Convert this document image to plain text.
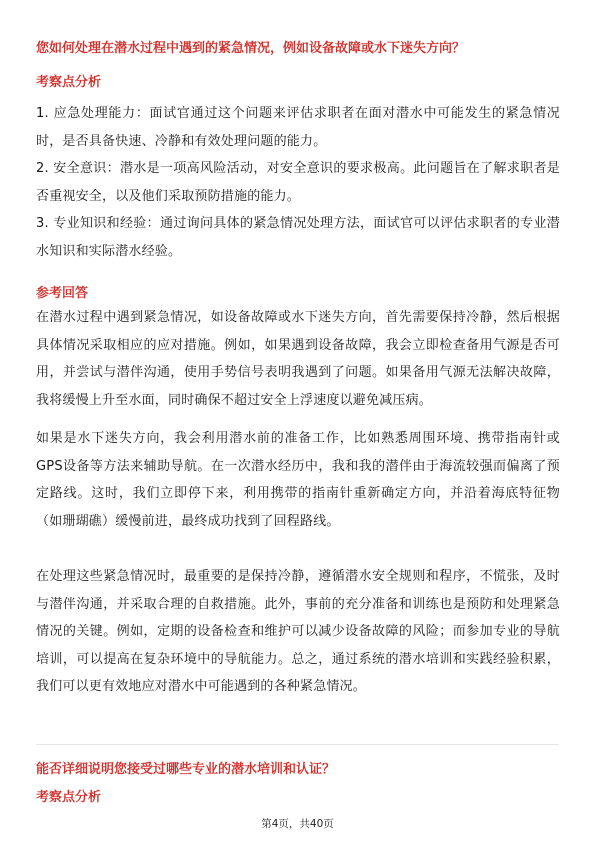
您如何处理在潜水过程中遇到的紧急情况，例如设备故障或水下迷失方向？
考察点分析
1. 应急处理能力：面试官通过这个问题来评估求职者在面对潜水中可能发生的紧急情况时，是否具备快速、冷静和有效处理问题的能力。
2. 安全意识：潜水是一项高风险活动，对安全意识的要求极高。此问题旨在了解求职者是否重视安全，以及他们采取预防措施的能力。
3. 专业知识和经验：通过询问具体的紧急情况处理方法，面试官可以评估求职者的专业潜水知识和实际潜水经验。
参考回答
在潜水过程中遇到紧急情况，如设备故障或水下迷失方向，首先需要保持冷静，然后根据具体情况采取相应的应对措施。例如，如果遇到设备故障，我会立即检查备用气源是否可用，并尝试与潜伴沟通，使用手势信号表明我遇到了问题。如果备用气源无法解决故障，我将缓慢上升至水面，同时确保不超过安全上浮速度以避免减压病。
如果是水下迷失方向，我会利用潜水前的准备工作，比如熟悉周围环境、携带指南针或GPS设备等方法来辅助导航。在一次潜水经历中，我和我的潜伴由于海流较强而偏离了预定路线。这时，我们立即停下来，利用携带的指南针重新确定方向，并沿着海底特征物（如珊瑚礁）缓慢前进，最终成功找到了回程路线。
在处理这些紧急情况时，最重要的是保持冷静，遵循潜水安全规则和程序，不慌张，及时与潜伴沟通，并采取合理的自救措施。此外，事前的充分准备和训练也是预防和处理紧急情况的关键。例如，定期的设备检查和维护可以减少设备故障的风险；而参加专业的导航培训，可以提高在复杂环境中的导航能力。总之，通过系统的潜水培训和实践经验积累，我们可以更有效地应对潜水中可能遇到的各种紧急情况。
能否详细说明您接受过哪些专业的潜水培训和认证？
考察点分析
第4页，共40页
